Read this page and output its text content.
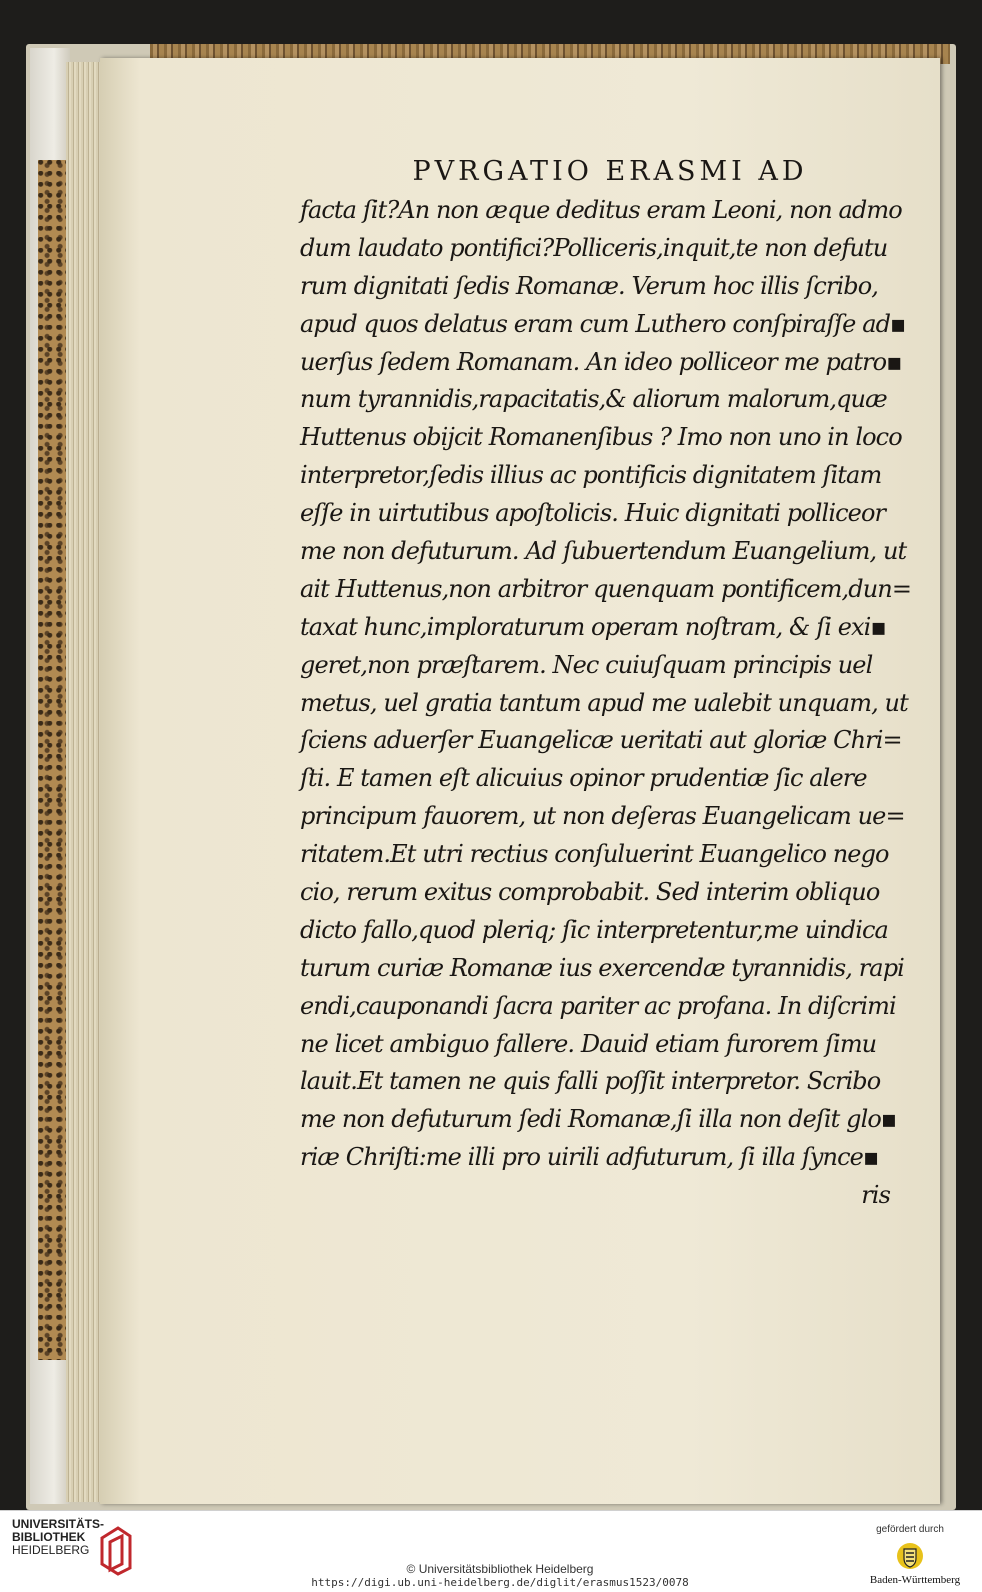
PVRGATIO ERASMI AD
facta ſit?An non æque deditus eram Leoni, non admo
dum laudato pontifici?Polliceris,inquit,te non defutu
rum dignitati ſedis Romanæ. Verum hoc illis ſcribo,
apud quos delatus eram cum Luthero conſpiraſſe ad▪
uerſus ſedem Romanam. An ideo polliceor me patro▪
num tyrannidis,rapacitatis,& aliorum malorum,quæ
Huttenus obijcit Romanenſibus ? Imo non uno in loco
interpretor,ſedis illius ac pontificis dignitatem ſitam
eſſe in uirtutibus apoſtolicis. Huic dignitati polliceor
me non defuturum. Ad ſubuertendum Euangelium, ut
ait Huttenus,non arbitror quenquam pontificem,dun=
taxat hunc,imploraturum operam noſtram, & ſi exi▪
geret,non præſtarem. Nec cuiuſquam principis uel
metus, uel gratia tantum apud me ualebit unquam, ut
ſciens aduerſer Euangelicæ ueritati aut gloriæ Chri=
ſti. E tamen eſt alicuius opinor prudentiæ ſic alere
principum fauorem, ut non deſeras Euangelicam ue=
ritatem.Et utri rectius conſuluerint Euangelico nego
cio, rerum exitus comprobabit. Sed interim obliquo
dicto fallo,quod pleriq; ſic interpretentur,me uindica
turum curiæ Romanæ ius exercendæ tyrannidis, rapi
endi,cauponandi ſacra pariter ac profana. In diſcrimi
ne licet ambiguo fallere. Dauid etiam furorem ſimu
lauit.Et tamen ne quis falli poſſit interpretor. Scribo
me non defuturum ſedi Romanæ,ſi illa non deſit glo▪
riæ Chriſti:me illi pro uirili adfuturum, ſi illa ſynce▪
ris
UNIVERSITÄTS-
BIBLIOTHEK
HEIDELBERG
© Universitätsbibliothek Heidelberg
https://digi.ub.uni-heidelberg.de/diglit/erasmus1523/0078
gefördert durch
Baden-Württemberg
